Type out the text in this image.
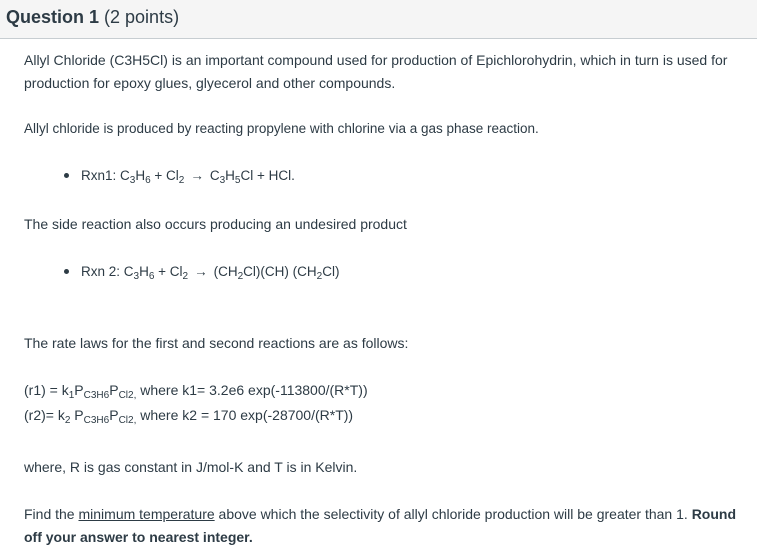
Question 1 (2 points)
Allyl Chloride (C3H5Cl) is an important compound used for production of Epichlorohydrin, which in turn is used for production for epoxy glues, glyecerol and other compounds.
Allyl chloride is produced by reacting propylene with chlorine via a gas phase reaction.
Rxn1: $C_3H_6 + Cl_2 \to C_3H_5Cl$ + HCl.
The side reaction also occurs producing an undesired product
Rxn 2: $C_3H_6 + Cl_2 \to (CH_2Cl)(CH)$ $(CH_2Cl)$
The rate laws for the first and second reactions are as follows:
$(r1) = k_1P_{C3H6}P_{Cl2,}$ where k1= 3.2e6 exp(-113800/(R*T))
$(r2)= k_2$ $P_{C3H6}P_{Cl2,}$ where k2 = 170 exp(-28700/(R*T))
where, R is gas constant in J/mol-K and T is in Kelvin.
Find the minimum temperature above which the selectivity of allyl chloride production will be greater than 1. Round off your answer to nearest integer.
